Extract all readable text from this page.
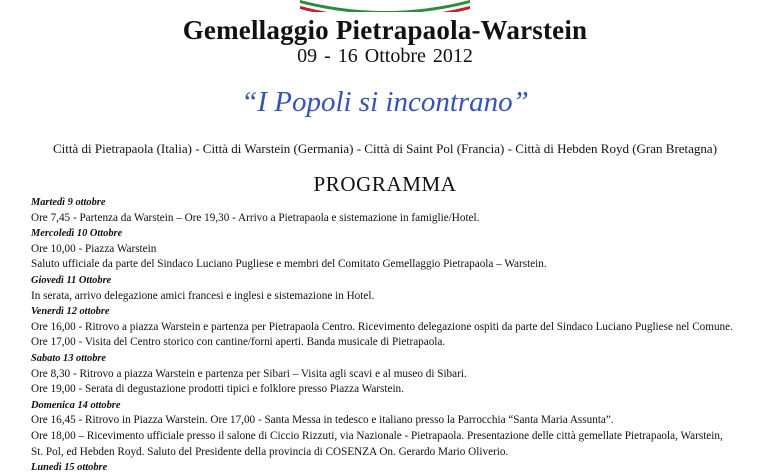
Gemellaggio Pietrapaola-Warstein
09 - 16 Ottobre 2012
“I Popoli si incontrano”
Città di Pietrapaola (Italia) - Città di Warstein (Germania) - Città di Saint Pol (Francia) - Città di Hebden Royd (Gran Bretagna)
PROGRAMMA
Martedì 9 ottobre
Ore 7,45 - Partenza da Warstein – Ore 19,30 - Arrivo a Pietrapaola e sistemazione in famiglie/Hotel.
Mercoledì 10 Ottobre
Ore 10,00 - Piazza Warstein
Saluto ufficiale da parte del Sindaco Luciano Pugliese e membri del Comitato Gemellaggio Pietrapaola – Warstein.
Giovedì 11 Ottobre
In serata, arrivo delegazione amici francesi e inglesi e sistemazione in Hotel.
Venerdì 12 ottobre
Ore 16,00 - Ritrovo a piazza Warstein e partenza per Pietrapaola Centro. Ricevimento delegazione ospiti da parte del Sindaco Luciano Pugliese nel Comune.
Ore 17,00 - Visita del Centro storico con cantine/forni aperti. Banda musicale di Pietrapaola.
Sabato 13 ottobre
Ore 8,30 - Ritrovo a piazza Warstein e partenza per Sibari – Visita agli scavi e al museo di Sibari.
Ore 19,00 - Serata di degustazione prodotti tipici e folklore presso Piazza Warstein.
Domenica 14 ottobre
Ore 16,45 - Ritrovo in Piazza Warstein. Ore 17,00 - Santa Messa in tedesco e italiano presso la Parrocchia “Santa Maria Assunta”.
Ore 18,00 – Ricevimento ufficiale presso il salone di Ciccio Rizzuti, via Nazionale - Pietrapaola. Presentazione delle città gemellate Pietrapaola, Warstein,
St. Pol, ed Hebden Royd. Saluto del Presidente della provincia di COSENZA On. Gerardo Mario Oliverio.
Lunedì 15 ottobre
